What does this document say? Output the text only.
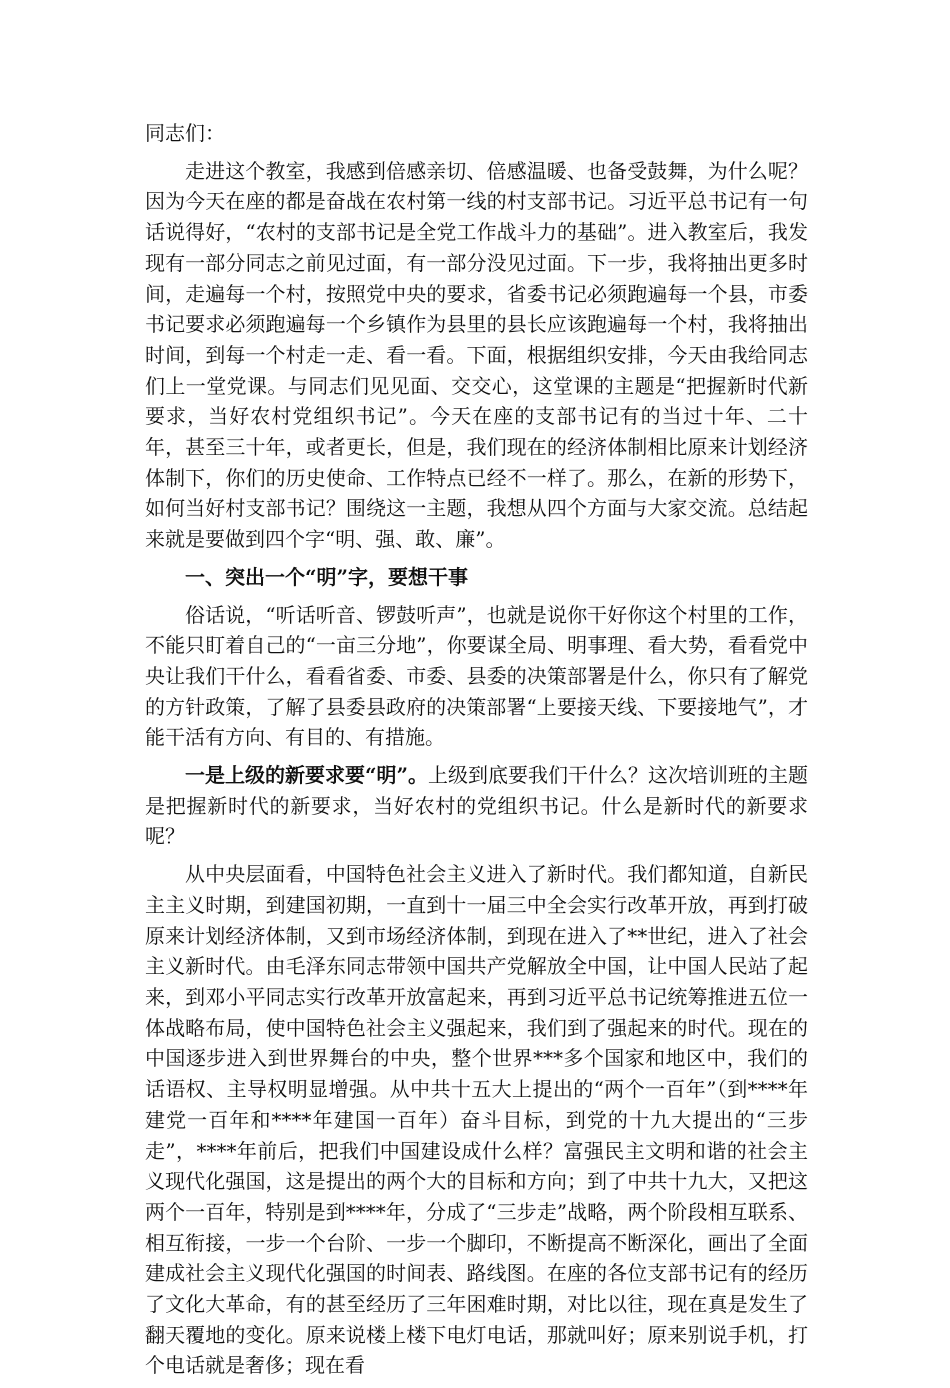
同志们：

走进这个教室，我感到倍感亲切、倍感温暖、也备受鼓舞，为什么呢？因为今天在座的都是奋战在农村第一线的村支部书记。习近平总书记有一句话说得好，“农村的支部书记是全党工作战斗力的基础”。进入教室后，我发现有一部分同志之前见过面，有一部分没见过面。下一步，我将抽出更多时间，走遍每一个村，按照党中央的要求，省委书记必须跑遍每一个县，市委书记要求必须跑遍每一个乡镇作为县里的县长应该跑遍每一个村，我将抽出时间，到每一个村走一走、看一看。下面，根据组织安排，今天由我给同志们上一堂党课。与同志们见见面、交交心，这堂课的主题是“把握新时代新要求，当好农村党组织书记”。今天在座的支部书记有的当过十年、二十年，甚至三十年，或者更长，但是，我们现在的经济体制相比原来计划经济体制下，你们的历史使命、工作特点已经不一样了。那么，在新的形势下，如何当好村支部书记？围绕这一主题，我想从四个方面与大家交流。总结起来就是要做到四个字“明、强、敢、廉”。

一、突出一个“明”字，要想干事

俗话说，“听话听音、锣鼓听声”，也就是说你干好你这个村里的工作，不能只盯着自己的“一亩三分地”，你要谋全局、明事理、看大势，看看党中央让我们干什么，看看省委、市委、县委的决策部署是什么，你只有了解党的方针政策，了解了县委县政府的决策部署“上要接天线、下要接地气”，才能干活有方向、有目的、有措施。

一是上级的新要求要“明”。上级到底要我们干什么？这次培训班的主题是把握新时代的新要求，当好农村的党组织书记。什么是新时代的新要求呢？

从中央层面看，中国特色社会主义进入了新时代。我们都知道，自新民主主义时期，到建国初期，一直到十一届三中全会实行改革开放，再到打破原来计划经济体制，又到市场经济体制，到现在进入了**世纪，进入了社会主义新时代。由毛泽东同志带领中国共产党解放全中国，让中国人民站了起来，到邓小平同志实行改革开放富起来，再到习近平总书记统筹推进五位一体战略布局，使中国特色社会主义强起来，我们到了强起来的时代。现在的中国逐步进入到世界舞台的中央，整个世界***多个国家和地区中，我们的话语权、主导权明显增强。从中共十五大上提出的“两个一百年”（到****年建党一百年和****年建国一百年）奋斗目标，到党的十九大提出的“三步走”，****年前后，把我们中国建设成什么样？富强民主文明和谐的社会主义现代化强国，这是提出的两个大的目标和方向；到了中共十九大，又把这两个一百年，特别是到****年，分成了“三步走”战略，两个阶段相互联系、相互衔接，一步一个台阶、一步一个脚印，不断提高不断深化，画出了全面建成社会主义现代化强国的时间表、路线图。在座的各位支部书记有的经历了文化大革命，有的甚至经历了三年困难时期，对比以往，现在真是发生了翻天覆地的变化。原来说楼上楼下电灯电话，那就叫好；原来别说手机，打个电话就是奢侈；现在看
